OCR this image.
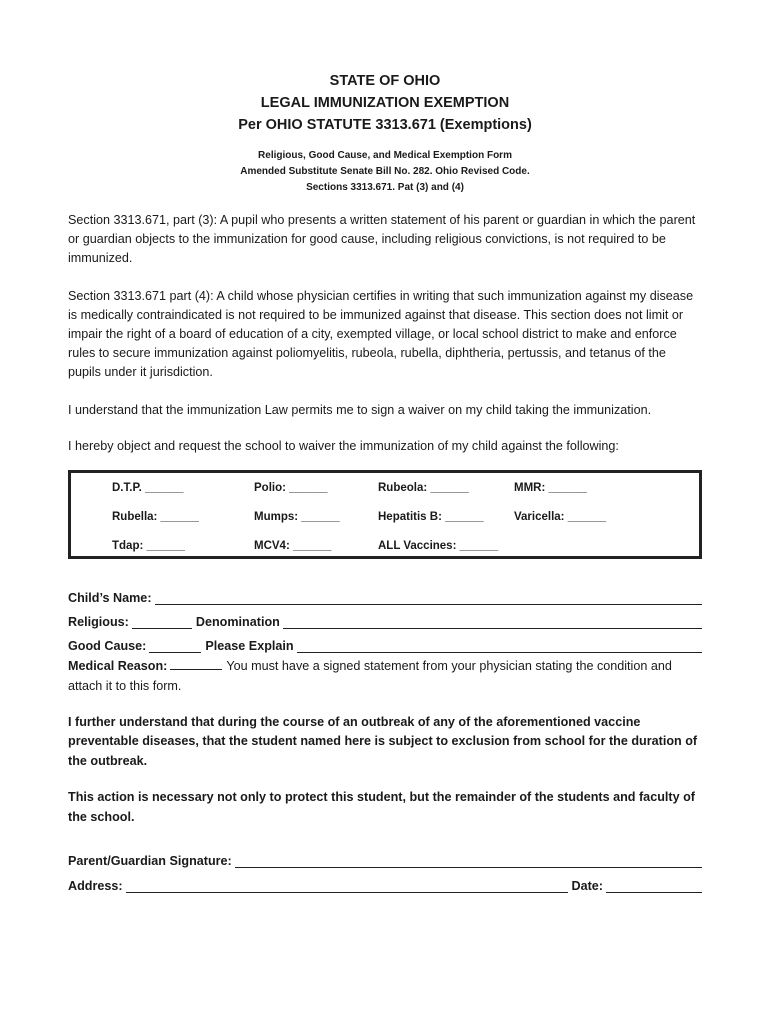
STATE OF OHIO
LEGAL IMMUNIZATION EXEMPTION
Per OHIO STATUTE 3313.671 (Exemptions)
Religious, Good Cause, and Medical Exemption Form
Amended Substitute Senate Bill No. 282. Ohio Revised Code.
Sections 3313.671. Pat (3) and (4)

Section 3313.671, part (3): A pupil who presents a written statement of his parent or guardian in which the parent or guardian objects to the immunization for good cause, including religious convictions, is not required to be immunized.

Section 3313.671 part (4): A child whose physician certifies in writing that such immunization against my disease is medically contraindicated is not required to be immunized against that disease. This section does not limit or impair the right of a board of education of a city, exempted village, or local school district to make and enforce rules to secure immunization against poliomyelitis, rubeola, rubella, diphtheria, pertussis, and tetanus of the pupils under it jurisdiction.

I understand that the immunization Law permits me to sign a waiver on my child taking the immunization.

I hereby object and request the school to waiver the immunization of my child against the following:

D.T.P. ______	Polio: ______	Rubeola: ______	MMR: ______
Rubella: ______	Mumps: ______	Hepatitis B: ______	Varicella: ______
Tdap: ______	MCV4: ______	ALL Vaccines: ______
Child’s Name:
Religious:	Denomination
Good Cause:	Please Explain
Medical Reason:	You must have a signed statement from your physician stating the condition and attach it to this form.

I further understand that during the course of an outbreak of any of the aforementioned vaccine preventable diseases, that the student named here is subject to exclusion from school for the duration of the outbreak.

This action is necessary not only to protect this student, but the remainder of the students and faculty of the school.

Parent/Guardian Signature:
Address:	Date:
